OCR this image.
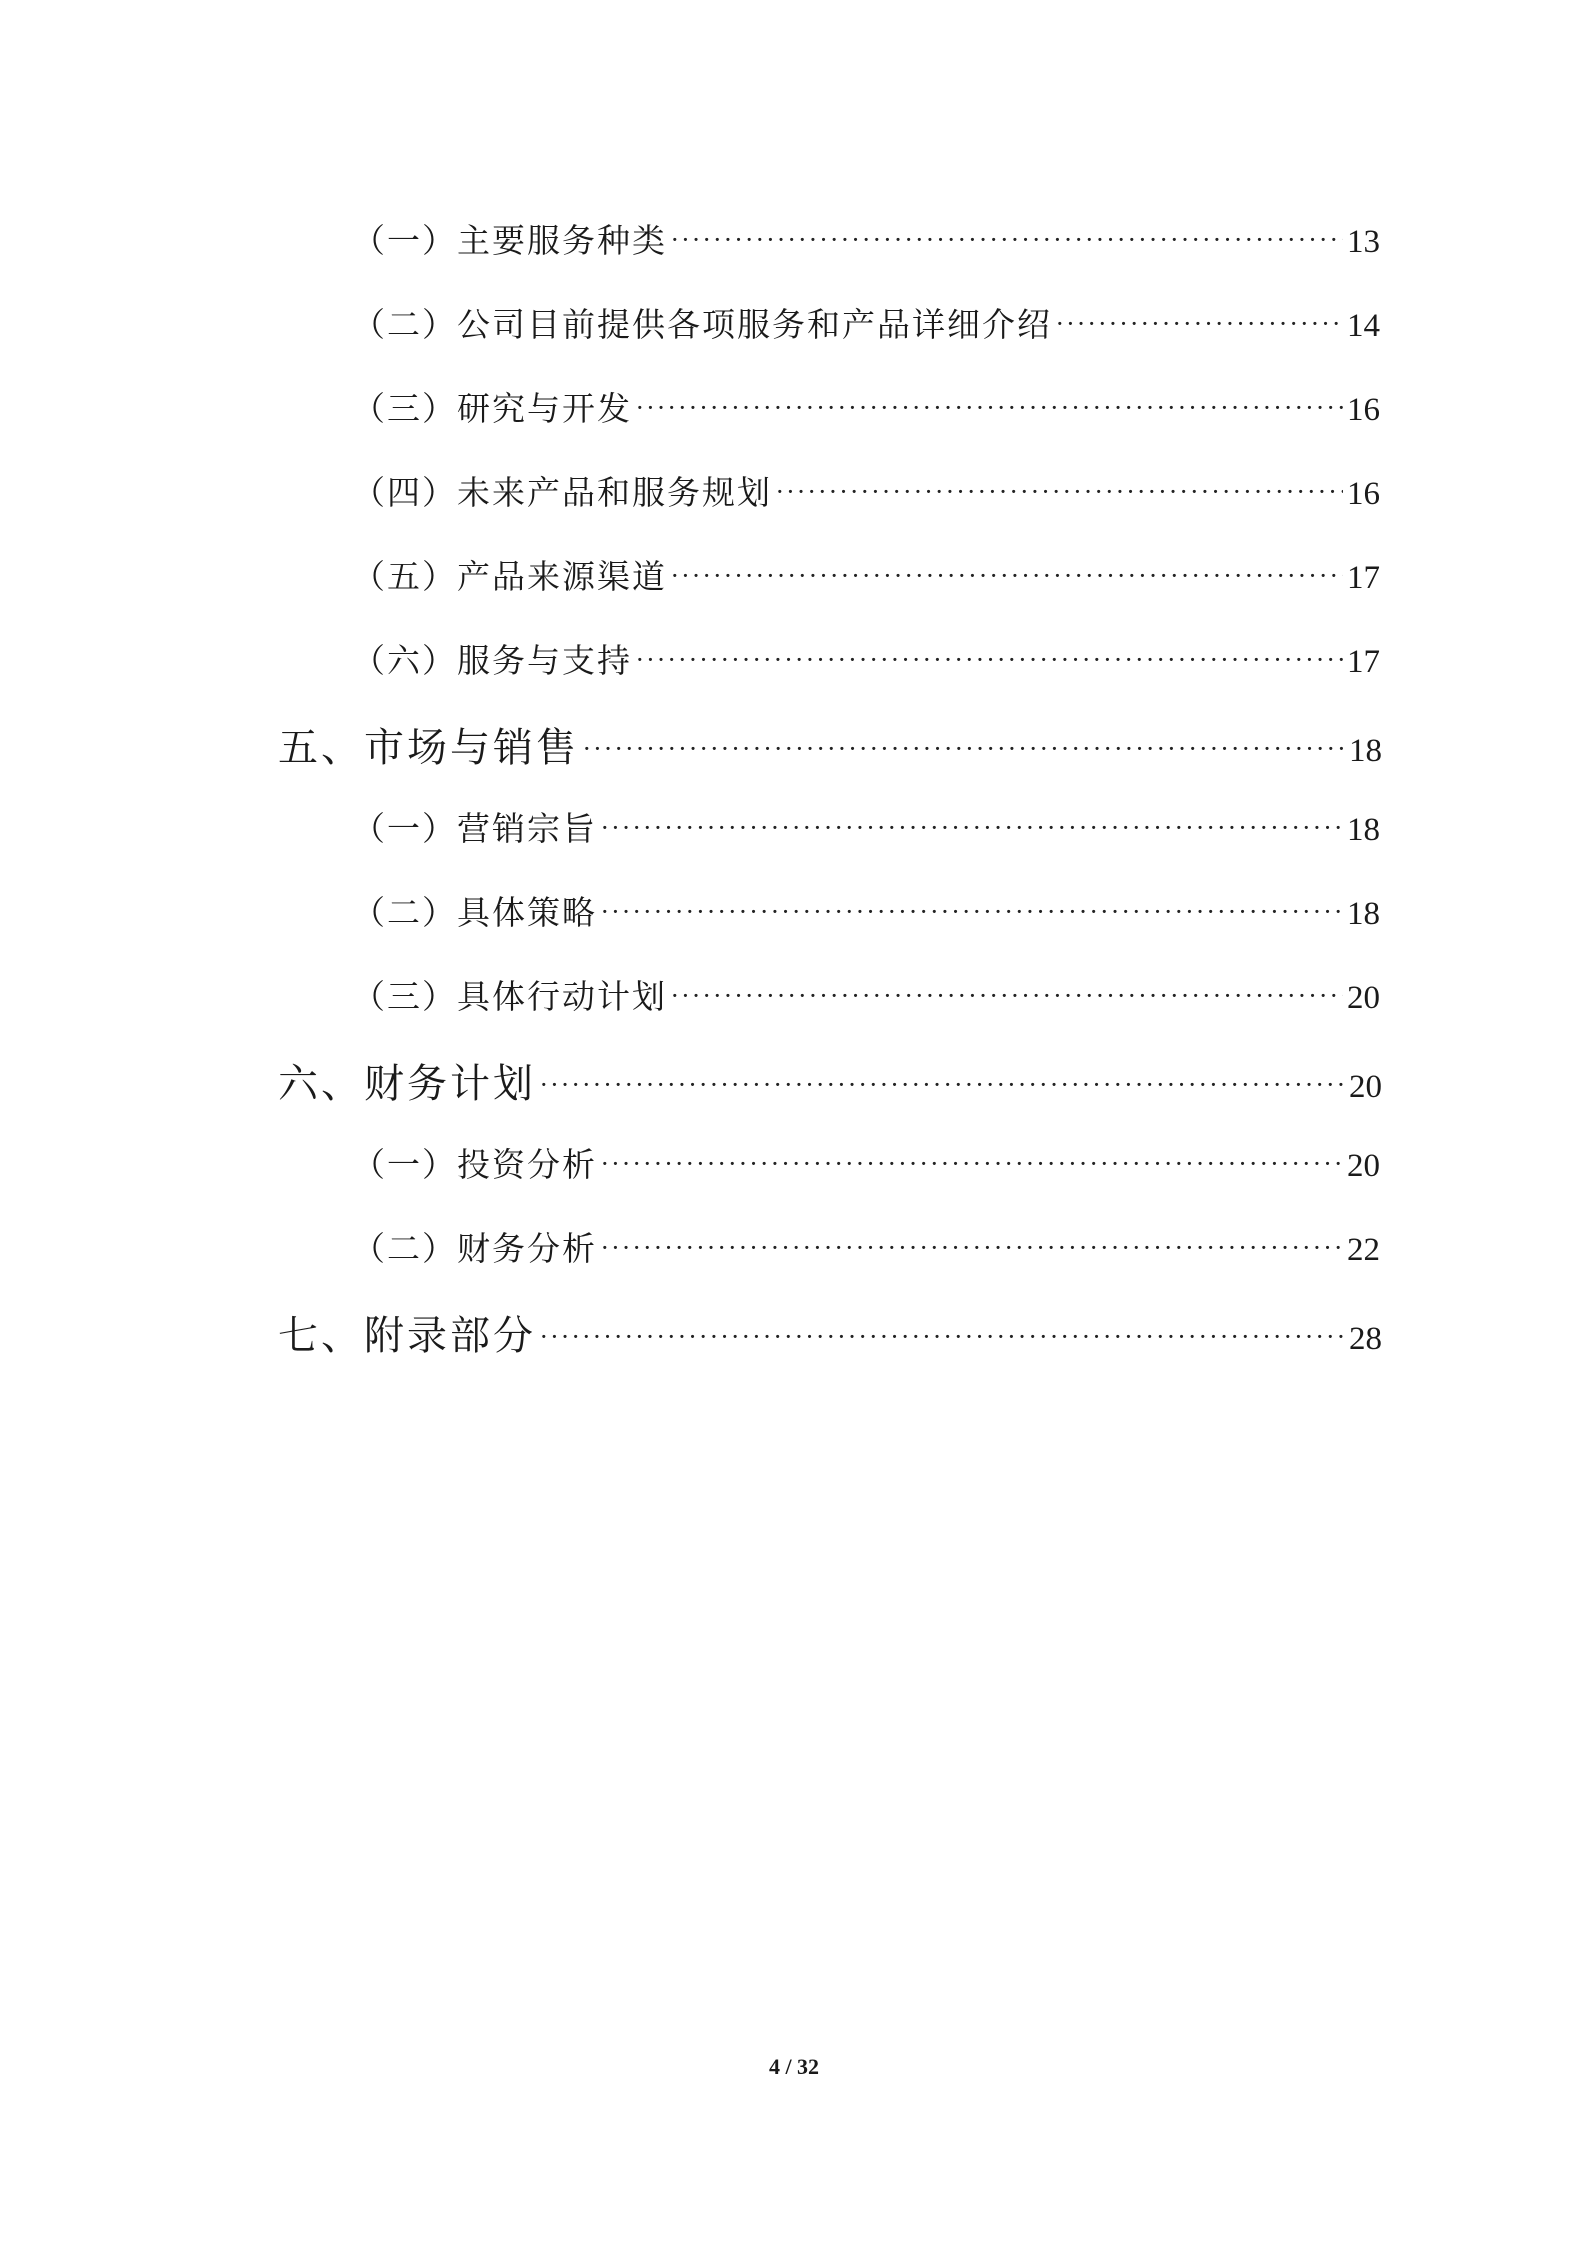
（一）主要服务种类 ·····	13
（二）公司目前提供各项服务和产品详细介绍 ·····	14
（三）研究与开发 ·····	16
（四）未来产品和服务规划 ·····	16
（五）产品来源渠道 ·····	17
（六）服务与支持 ·····	17
五、市场与销售 ·····	18
（一）营销宗旨 ·····	18
（二）具体策略 ·····	18
（三）具体行动计划 ·····	20
六、财务计划 ·····	20
（一）投资分析 ·····	20
（二）财务分析 ·····	22
七、附录部分 ·····	28
4 / 32
